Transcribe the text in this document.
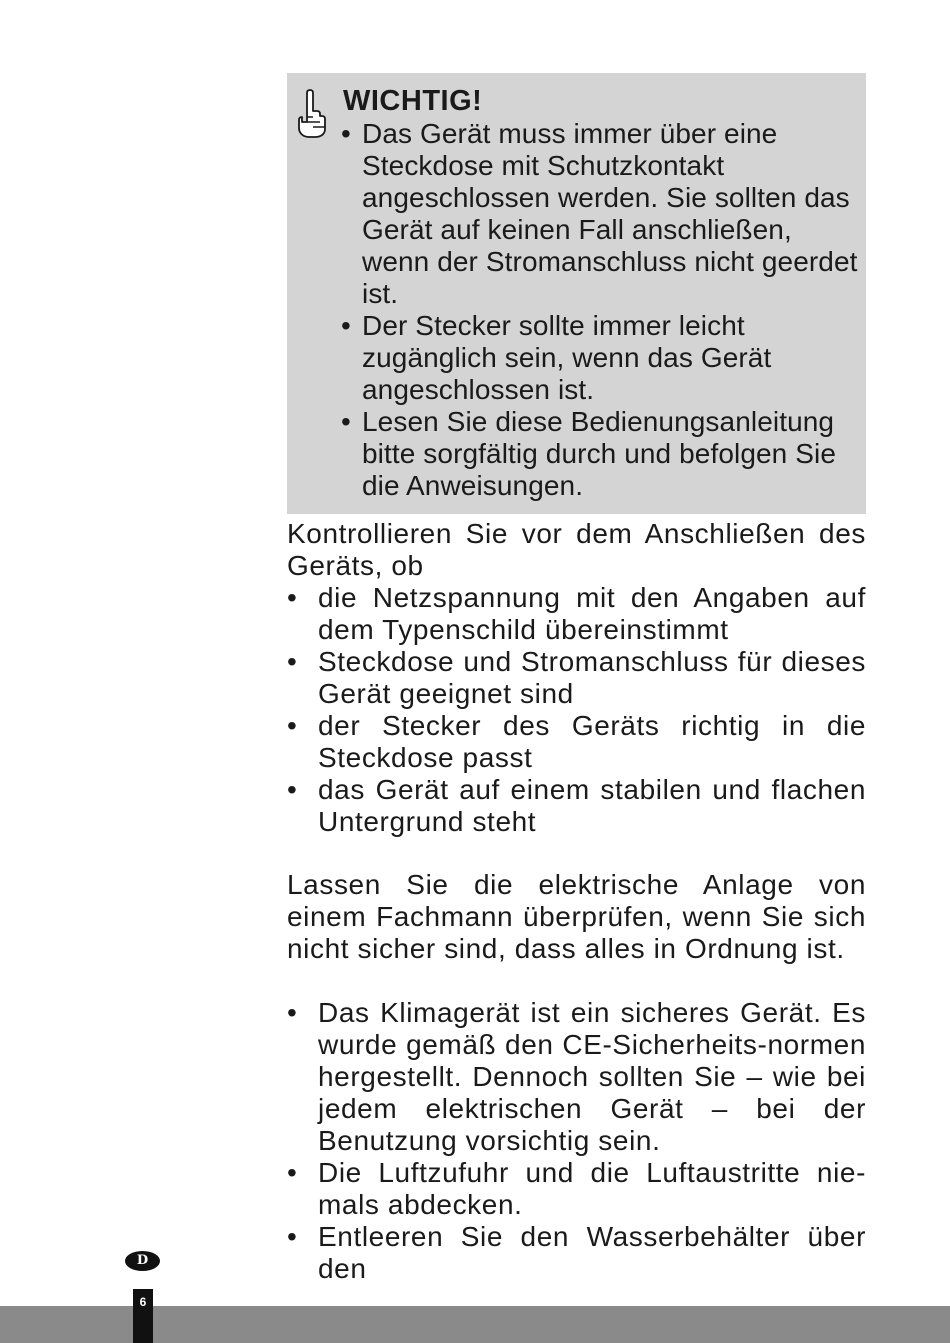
WICHTIG!
• Das Gerät muss immer über eine Steckdose mit Schutzkontakt angeschlossen werden. Sie sollten das Gerät auf keinen Fall anschließen, wenn der Stromanschluss nicht geerdet ist.
• Der Stecker sollte immer leicht zugänglich sein, wenn das Gerät angeschlossen ist.
• Lesen Sie diese Bedienungsanleitung bitte sorgfältig durch und befolgen Sie die Anweisungen.

Kontrollieren Sie vor dem Anschließen des Geräts, ob

• die Netzspannung mit den Angaben auf dem Typenschild übereinstimmt
• Steckdose und Stromanschluss für dieses Gerät geeignet sind
• der Stecker des Geräts richtig in die Steckdose passt
• das Gerät auf einem stabilen und flachen Untergrund steht

Lassen Sie die elektrische Anlage von einem Fachmann überprüfen, wenn Sie sich nicht sicher sind, dass alles in Ordnung ist.

• Das Klimagerät ist ein sicheres Gerät. Es wurde gemäß den CE-Sicherheits-normen hergestellt. Dennoch sollten Sie – wie bei jedem elektrischen Gerät – bei der Benutzung vorsichtig sein.
• Die Luftzufuhr und die Luftaustritte nie-mals abdecken.
• Entleeren Sie den Wasserbehälter über den
D
6
